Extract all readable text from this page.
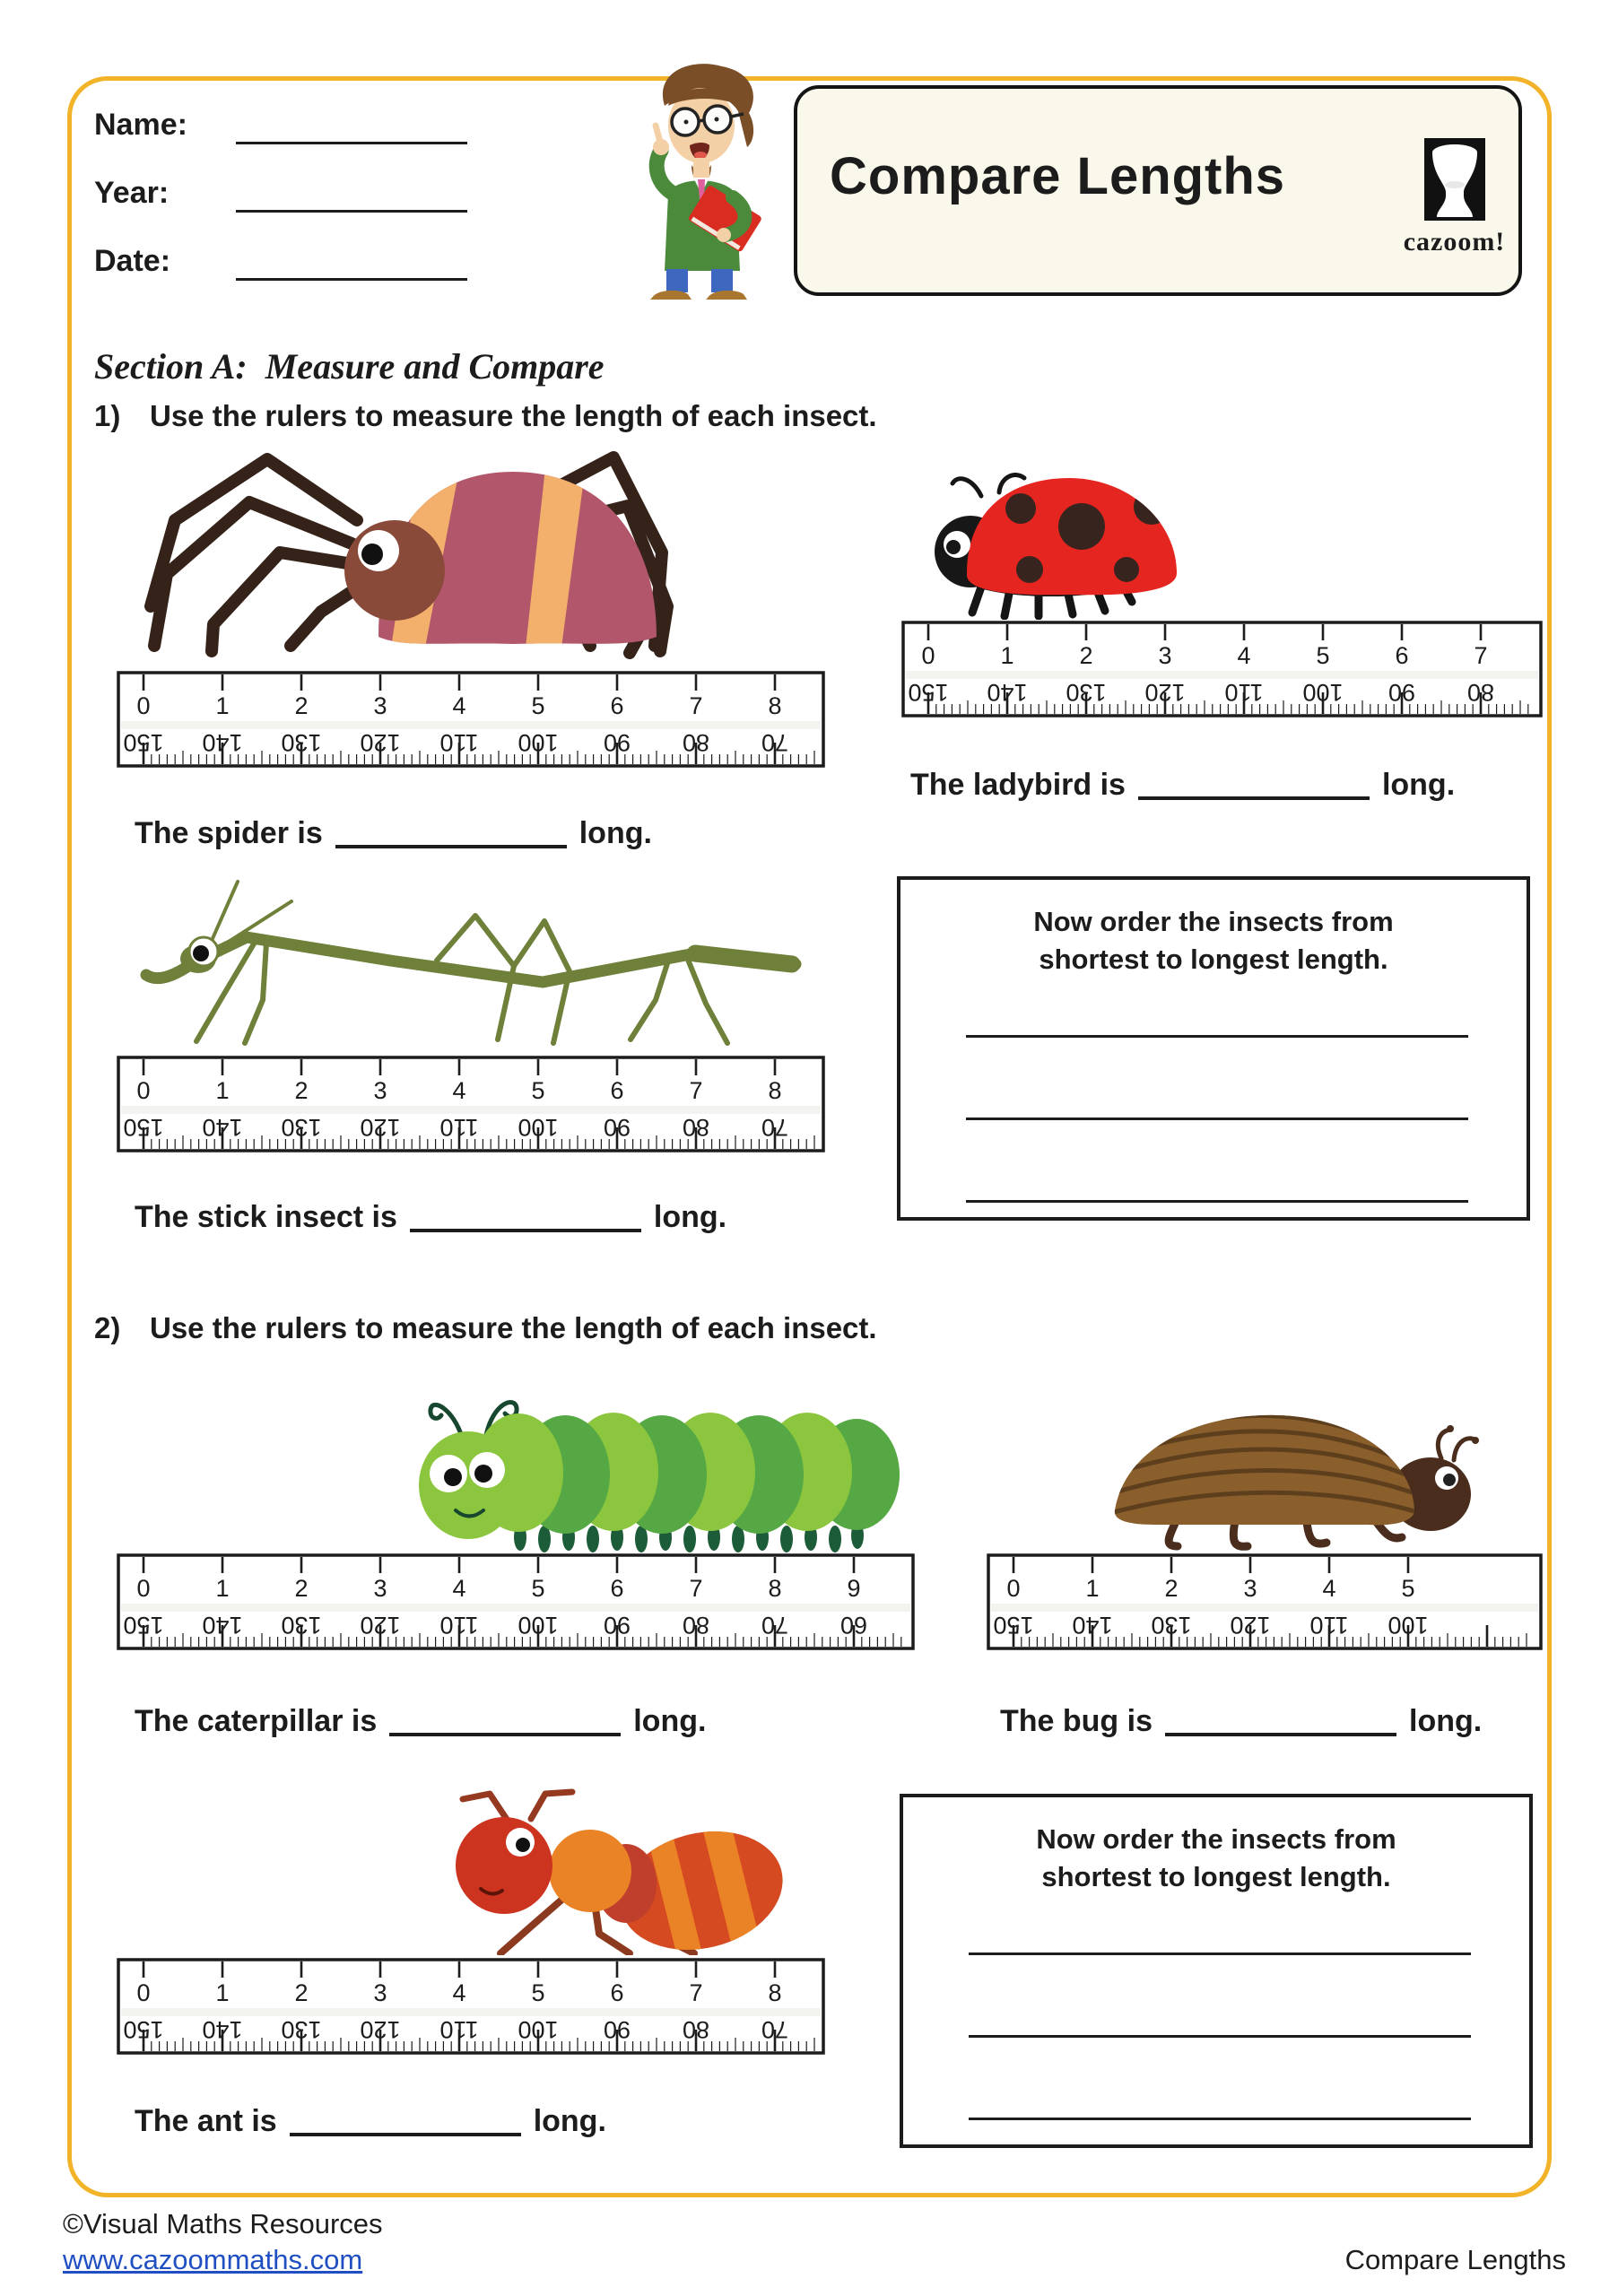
Name:
Year:
Date:
Compare Lengths
cazoom!
Section A:  Measure and Compare
1) Use the rulers to measure the length of each insect.
0	1	2	3	4	5	6	7	8
150 140 130 120 110 100 90 80 70
The spider is	long.
0	1	2	3	4	5	6	7
150 140 130 120 110 100 90 80
The ladybird is	long.
0	1	2	3	4	5	6	7	8
150 140 130 120 110 100 90 80 70
The stick insect is	long.
Now order the insects from
shortest to longest length.
2) Use the rulers to measure the length of each insect.
0	1	2	3	4	5	6	7	8	9
150 140 130 120 110 100 90 80 70 60
The caterpillar is	long.
0	1	2	3	4	5
150 140 130 120 110 100
The bug is	long.
0	1	2	3	4	5	6	7	8
150 140 130 120 110 100 90 80 70
The ant is	long.
Now order the insects from
shortest to longest length.
©Visual Maths Resources
www.cazoommaths.com	Compare Lengths
